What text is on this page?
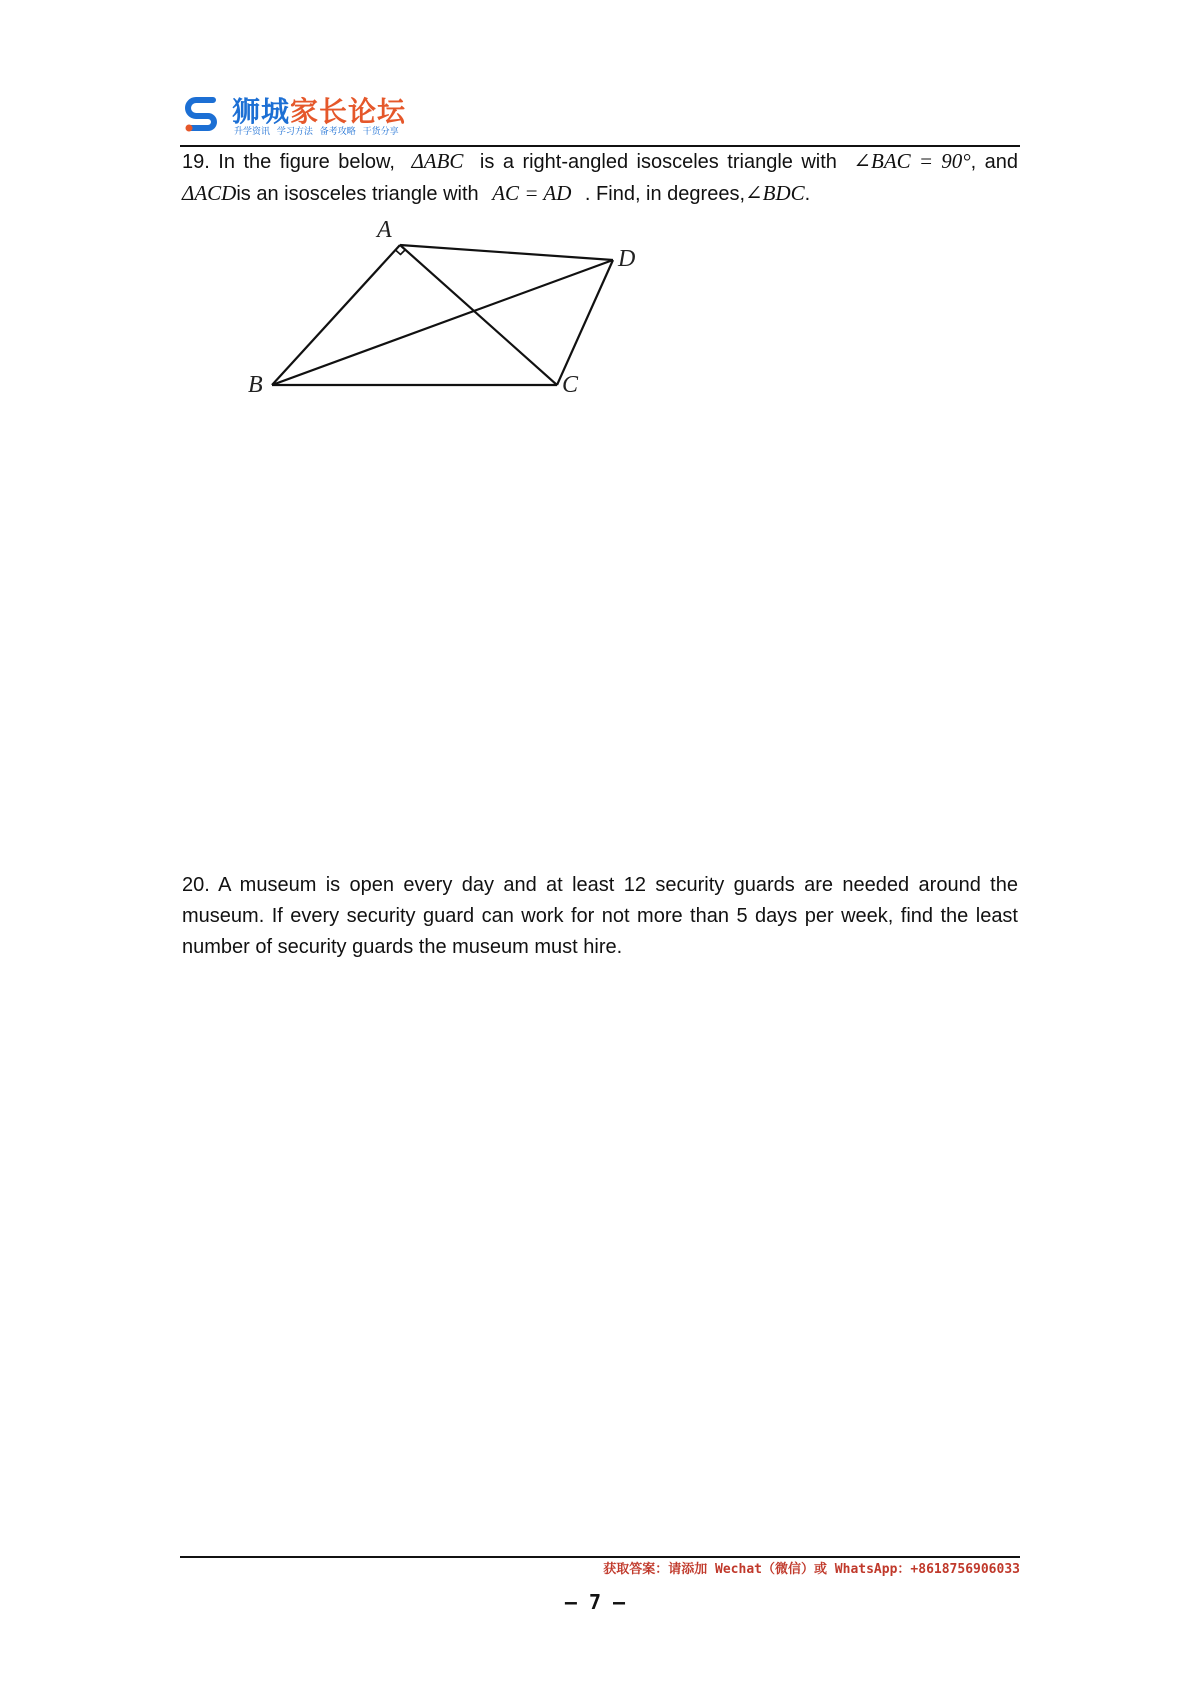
狮城家长论坛
升学资讯 学习方法 备考攻略 干货分享
19. In the figure below, ΔABC is a right-angled isosceles triangle with ∠BAC = 90°, and ΔACDis an isosceles triangle with AC = AD . Find, in degrees,∠BDC.
A
B	C
D
20. A museum is open every day and at least 12 security guards are needed around the museum. If every security guard can work for not more than 5 days per week, find the least number of security guards the museum must hire.
获取答案：请添加 Wechat（微信）或 WhatsApp：+8618756906033
– 7 –
